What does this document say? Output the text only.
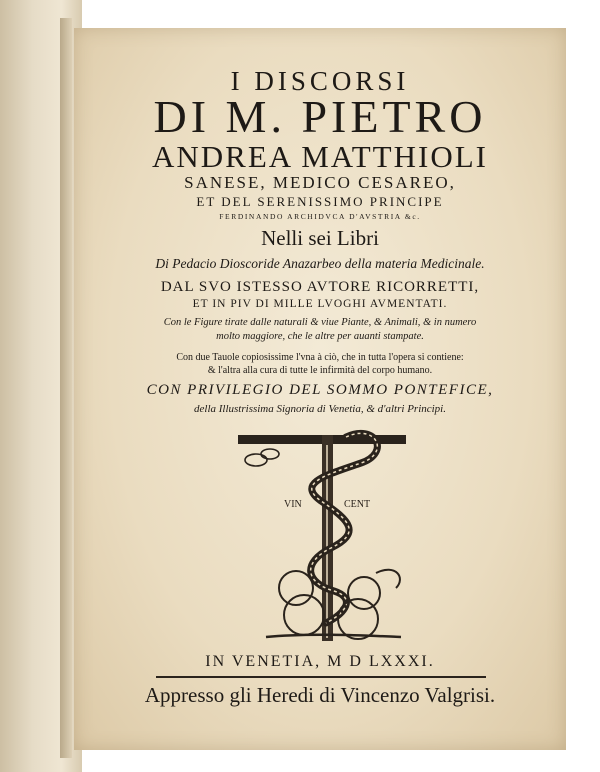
I DISCORSI
DI M. PIETRO
ANDREA MATTHIOLI
SANESE, MEDICO CESAREO,
ET DEL SERENISSIMO PRINCIPE
FERDINANDO ARCHIDVCA D'AVSTRIA &c.
Nelli sei Libri
Di Pedacio Dioscoride Anazarbeo della materia Medicinale.
DAL SVO ISTESSO AVTORE RICORRETTI,
ET IN PIV DI MILLE LVOGHI AVMENTATI.
Con le Figure tirate dalle naturali & viue Piante, & Animali, & in numero
molto maggiore, che le altre per auanti stampate.
Con due Tauole copiosissime l'vna à ciò, che in tutta l'opera si contiene:
& l'altra alla cura di tutte le infirmità del corpo humano.
CON PRIVILEGIO DEL SOMMO PONTEFICE,
della Illustrissima Signoria di Venetia, & d'altri Principi.
VIN	CENT
IN VENETIA, M D LXXXI.
Appresso gli Heredi di Vincenzo Valgrisi.
